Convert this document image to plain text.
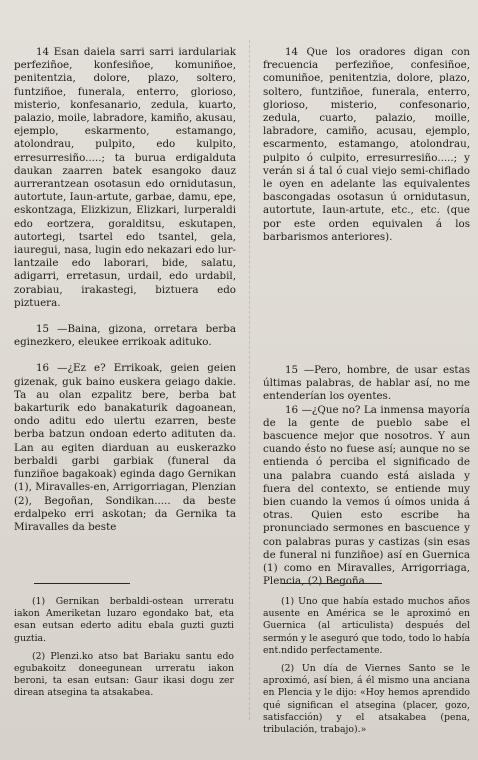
14 Esan daiela sarri sarri iardulariak perfeziñoe, konfesiñoe, komuniñoe, penitentzia, dolore, plazo, soltero, funtziñoe, funerala, enterro, glorioso, misterio, konfesanario, zedula, kuarto, palazio, moile, labradore, kamiño, akusau, ejemplo, eskarmento, estamango, atolondrau, pulpito, edo kulpito, erresurresiño.....; ta burua erdigalduta daukan zaarren batek esangoko dauz aurrerantzean osotasun edo ornidutasun, autortute, Iaun-artute, garbae, damu, epe, eskontzaga, Elizkizun, Elizkari, lurperaldi edo eortzera, goralditsu, eskutapen, autortegi, tsartel edo tsantel, gela, iauregui, nasa, lugin edo nekazari edo lur-lantzaile edo laborari, bide, salatu, adigarri, erretasun, urdail, edo urdabil, zorabiau, irakastegi, biztuera edo piztuera.

15 —Baina, gizona, orretara berba eginezkero, eleukee errikoak adituko.

16 —¿Ez e? Errikoak, geien geien gizenak, guk baino euskera geiago dakie. Ta au olan ezpalitz bere, berba bat bakarturik edo banakaturik dagoanean, ondo aditu edo ulertu ezarren, beste berba batzun ondoan ederto adituten da. Lan au egiten diarduan au euskerazko berbaldi garbi garbiak (funeral da funziñoe bagakoak) eginda dago Gernikan (1), Miravalles-en, Arrigorriagan, Plenzian (2), Begoñan, Sondikan..... da beste erdalpeko erri askotan; da Gernika ta Miravalles da beste

14 Que los oradores digan con frecuencia perfeziñoe, confesiñoe, comuniñoe, penitentzia, dolore, plazo, soltero, funtziñoe, funerala, enterro, glorioso, misterio, confesonario, zedula, cuarto, palazio, moille, labradore, camiño, acusau, ejemplo, escarmento, estamango, atolondrau, pulpito ó culpito, erresurresiño.....; y verán si á tal ó cual viejo semi-chiflado le oyen en adelante las equivalentes bascongadas osotasun ú ornidutasun, autortute, Iaun-artute, etc., etc. (que por este orden equivalen á los barbarismos anteriores).

15 —Pero, hombre, de usar estas últimas palabras, de hablar así, no me entenderían los oyentes.

16 —¿Que no? La inmensa mayoría de la gente de pueblo sabe el bascuence mejor que nosotros. Y aun cuando ésto no fuese así; aunque no se entienda ó perciba el significado de una palabra cuando está aislada y fuera del contexto, se entiende muy bien cuando la vemos ú oímos unida á otras. Quien esto escribe ha pronunciado sermones en bascuence y con palabras puras y castizas (sin esas de funeral ni funziñoe) así en Guernica (1) como en Miravalles, Arrigorriaga, Plencia, (2) Begoña

(1) Gernikan berbaldi-ostean urreratu iakon Ameriketan luzaro egondako bat, eta esan eutsan ederto aditu ebala guzti guzti guztia.

(2) Plenzi.ko atso bat Bariaku santu edo egubakoitz doneegunean urreratu iakon beroni, ta esan eutsan: Gaur ikasi dogu zer direan atsegina ta atsakabea.

(1) Uno que había estado muchos años ausente en América se le aproximó en Guernica (al articulista) después del sermón y le aseguró que todo, todo lo había ent.ndido perfectamente.

(2) Un día de Viernes Santo se le aproximó, así bien, á él mismo una anciana en Plencia y le dijo: «Hoy hemos aprendido qué significan el atsegina (placer, gozo, satisfacción) y el atsakabea (pena, tribulación, trabajo).»
